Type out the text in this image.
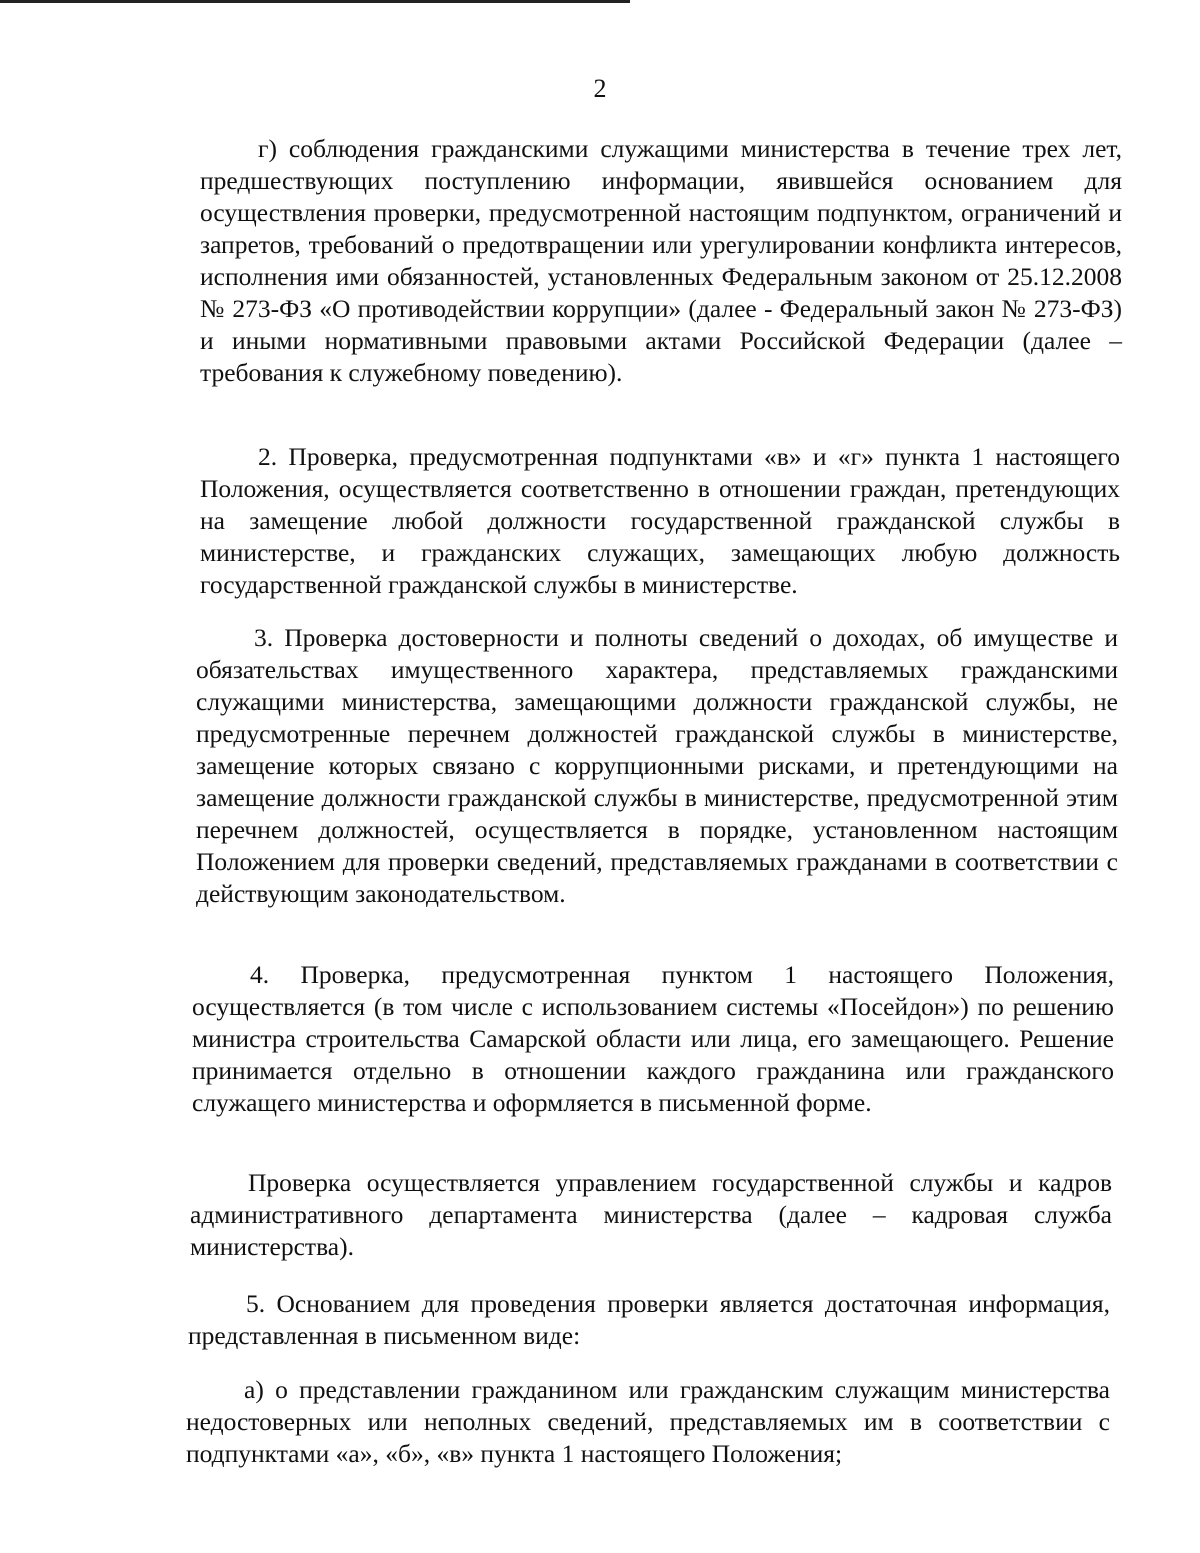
2

г) соблюдения гражданскими служащими министерства в течение трех лет, предшествующих поступлению информации, явившейся основанием для осуществления проверки, предусмотренной настоящим подпунктом, ограничений и запретов, требований о предотвращении или урегулировании конфликта интересов, исполнения ими обязанностей, установленных Федеральным законом от 25.12.2008 № 273-ФЗ «О противодействии коррупции» (далее - Федеральный закон № 273-ФЗ) и иными нормативными правовыми актами Российской Федерации (далее – требования к служебному поведению).

2. Проверка, предусмотренная подпунктами «в» и «г» пункта 1 настоящего Положения, осуществляется соответственно в отношении граждан, претендующих на замещение любой должности государственной гражданской службы в министерстве, и гражданских служащих, замещающих любую должность государственной гражданской службы в министерстве.

3. Проверка достоверности и полноты сведений о доходах, об имуществе и обязательствах имущественного характера, представляемых гражданскими служащими министерства, замещающими должности гражданской службы, не предусмотренные перечнем должностей гражданской службы в министерстве, замещение которых связано с коррупционными рисками, и претендующими на замещение должности гражданской службы в министерстве, предусмотренной этим перечнем должностей, осуществляется в порядке, установленном настоящим Положением для проверки сведений, представляемых гражданами в соответствии с действующим законодательством.

4. Проверка, предусмотренная пунктом 1 настоящего Положения, осуществляется (в том числе с использованием системы «Посейдон») по решению министра строительства Самарской области или лица, его замещающего. Решение принимается отдельно в отношении каждого гражданина или гражданского служащего министерства и оформляется в письменной форме.

Проверка осуществляется управлением государственной службы и кадров административного департамента министерства (далее – кадровая служба министерства).

5. Основанием для проведения проверки является достаточная информация, представленная в письменном виде:

а) о представлении гражданином или гражданским служащим министерства недостоверных или неполных сведений, представляемых им в соответствии с подпунктами «а», «б», «в» пункта 1 настоящего Положения;
